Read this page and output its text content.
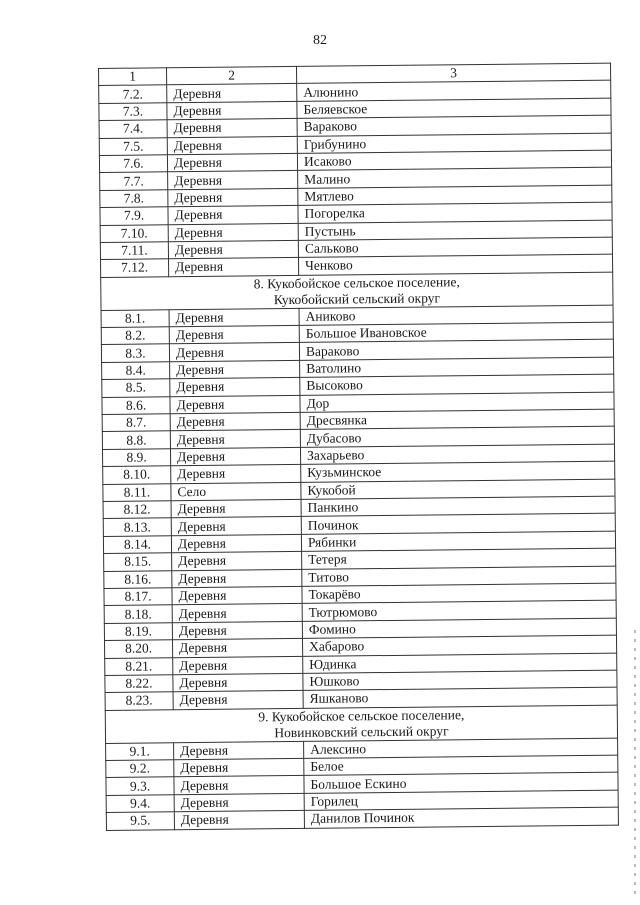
82
1	2	3
7.2.	Деревня	Алюнино
7.3.	Деревня	Беляевское
7.4.	Деревня	Вараково
7.5.	Деревня	Грибунино
7.6.	Деревня	Исаково
7.7.	Деревня	Малино
7.8.	Деревня	Мятлево
7.9.	Деревня	Погорелка
7.10.	Деревня	Пустынь
7.11.	Деревня	Сальково
7.12.	Деревня	Ченково

8. Кукобойское сельское поселение,
Кукобойский сельский округ		

8.1.	Деревня	Аниково
8.2.	Деревня	Большое Ивановское
8.3.	Деревня	Вараково
8.4.	Деревня	Ватолино
8.5.	Деревня	Высоково
8.6.	Деревня	Дор
8.7.	Деревня	Дресвянка
8.8.	Деревня	Дубасово
8.9.	Деревня	Захарьево
8.10.	Деревня	Кузьминское
8.11.	Село	Кукобой
8.12.	Деревня	Панкино
8.13.	Деревня	Починок
8.14.	Деревня	Рябинки
8.15.	Деревня	Тетеря
8.16.	Деревня	Титово
8.17.	Деревня	Токарёво
8.18.	Деревня	Тютрюмово
8.19.	Деревня	Фомино
8.20.	Деревня	Хабарово
8.21.	Деревня	Юдинка
8.22.	Деревня	Юшково
8.23.	Деревня	Яшканово

9. Кукобойское сельское поселение,
Новинковский сельский округ		

9.1.	Деревня	Алексино
9.2.	Деревня	Белое
9.3.	Деревня	Большое Ескино
9.4.	Деревня	Горилец
9.5.	Деревня	Данилов Починок
